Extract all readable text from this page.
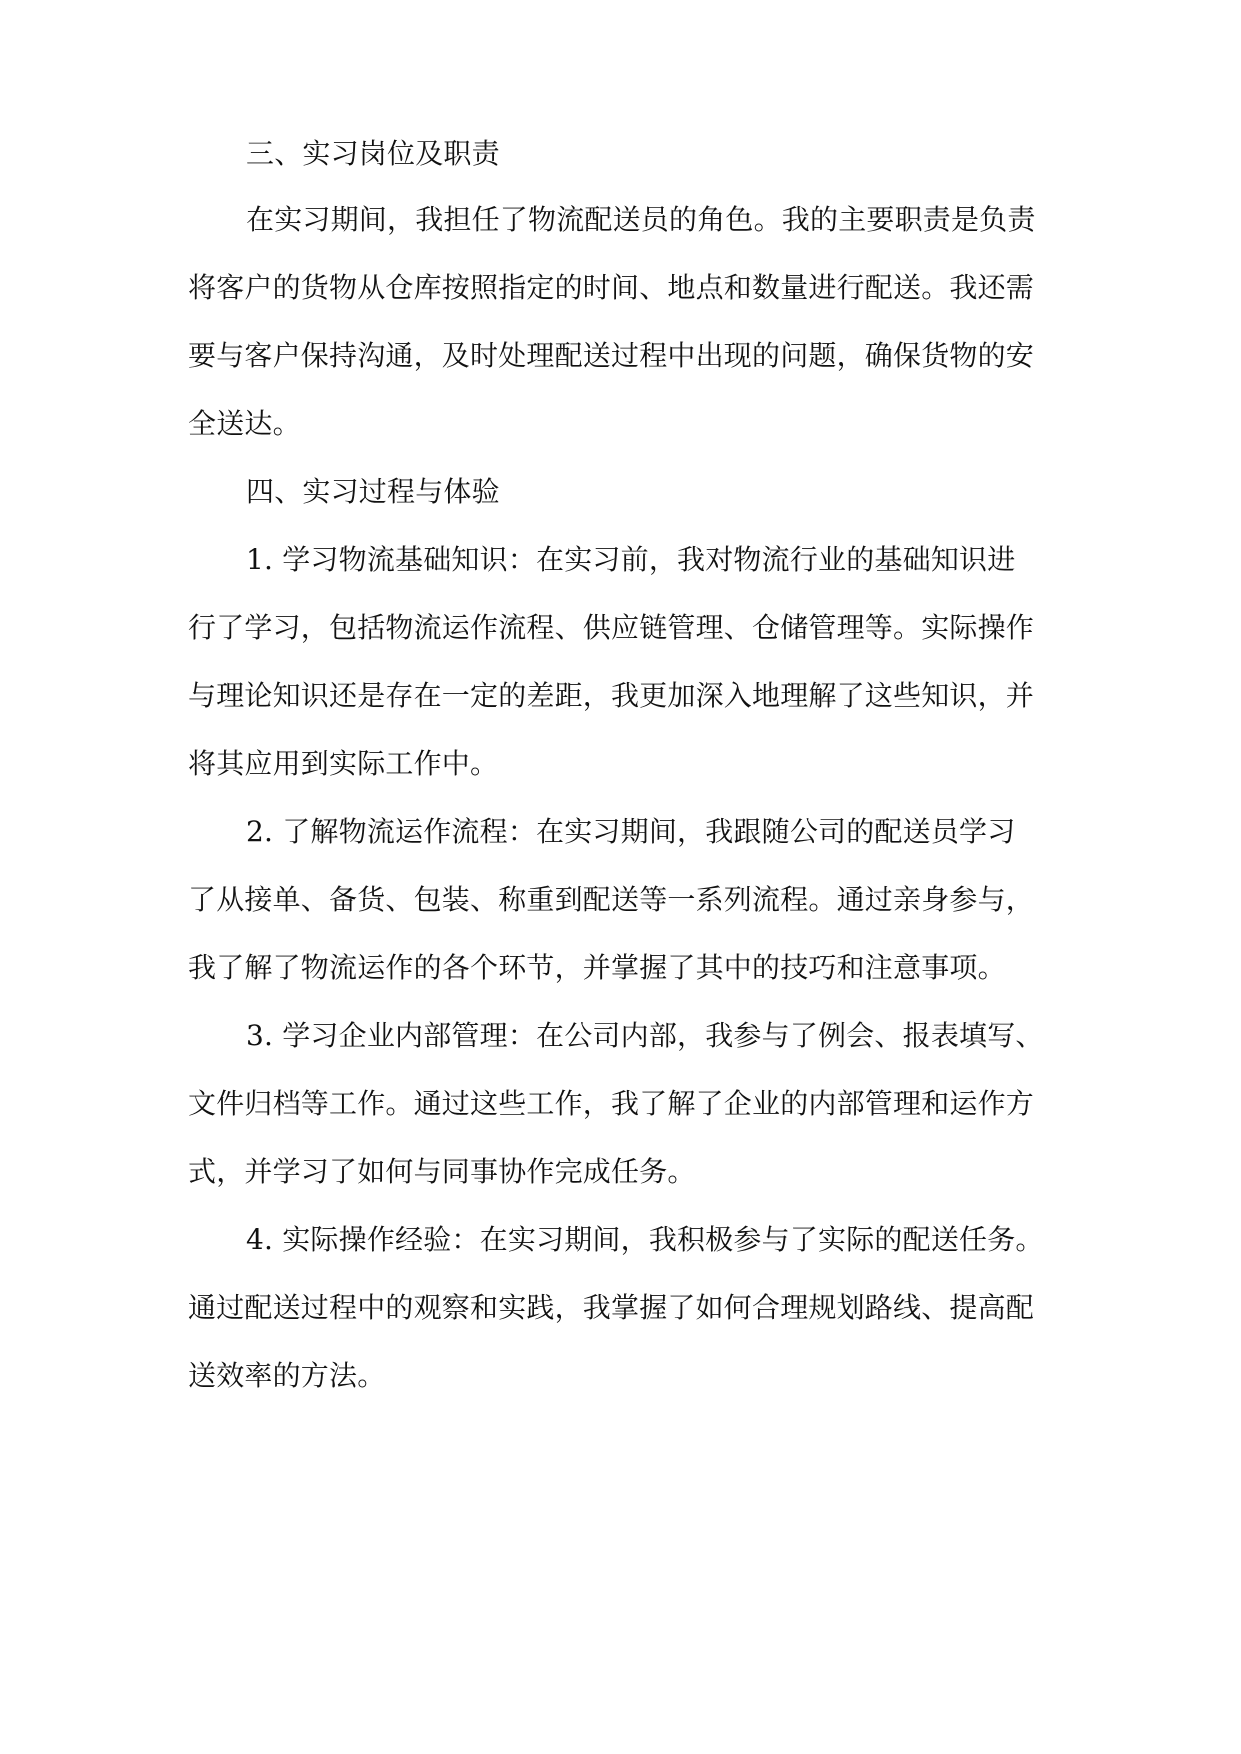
三、实习岗位及职责

在实习期间，我担任了物流配送员的角色。我的主要职责是负责

将客户的货物从仓库按照指定的时间、地点和数量进行配送。我还需

要与客户保持沟通，及时处理配送过程中出现的问题，确保货物的安

全送达。

四、实习过程与体验

1. 学习物流基础知识：在实习前，我对物流行业的基础知识进

行了学习，包括物流运作流程、供应链管理、仓储管理等。实际操作

与理论知识还是存在一定的差距，我更加深入地理解了这些知识，并

将其应用到实际工作中。

2. 了解物流运作流程：在实习期间，我跟随公司的配送员学习

了从接单、备货、包装、称重到配送等一系列流程。通过亲身参与，

我了解了物流运作的各个环节，并掌握了其中的技巧和注意事项。

3. 学习企业内部管理：在公司内部，我参与了例会、报表填写、

文件归档等工作。通过这些工作，我了解了企业的内部管理和运作方

式，并学习了如何与同事协作完成任务。

4. 实际操作经验：在实习期间，我积极参与了实际的配送任务。

通过配送过程中的观察和实践，我掌握了如何合理规划路线、提高配

送效率的方法。
